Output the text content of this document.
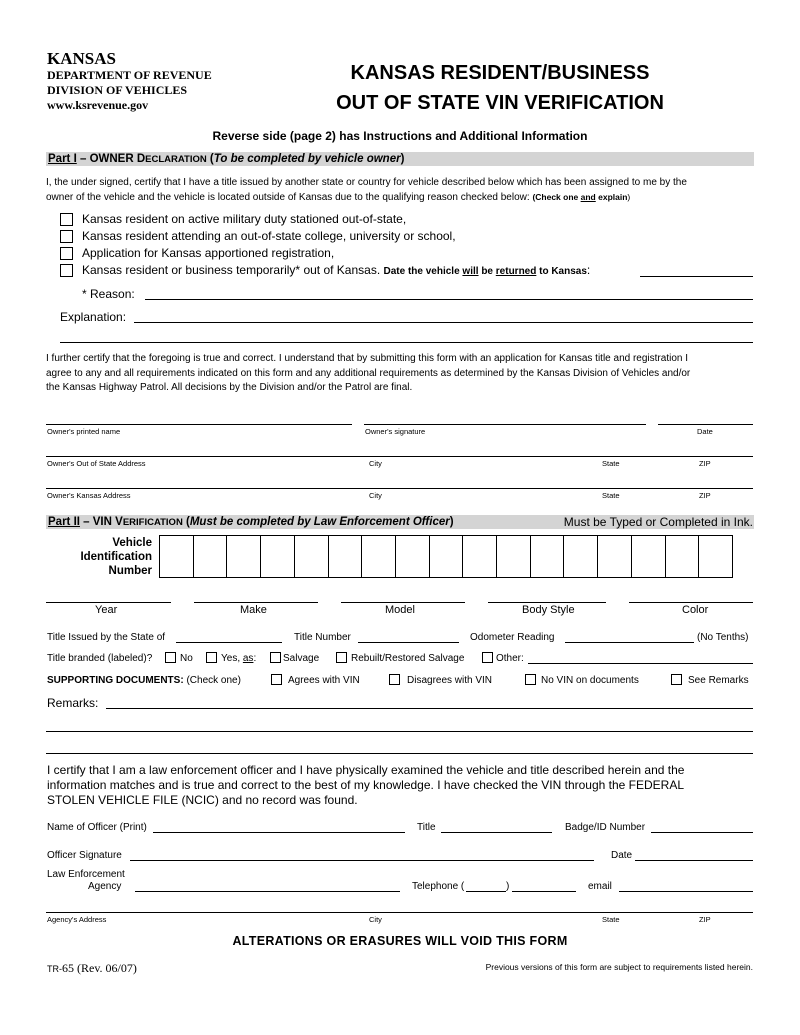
KANSAS
DEPARTMENT OF REVENUE
DIVISION OF VEHICLES
www.ksrevenue.gov
KANSAS RESIDENT/BUSINESS
OUT OF STATE VIN VERIFICATION
Reverse side (page 2) has Instructions and Additional Information
Part I – OWNER DECLARATION (To be completed by vehicle owner)
I, the under signed, certify that I have a title issued by another state or country for vehicle described below which has been assigned to me by the
owner of the vehicle and the vehicle is located outside of Kansas due to the qualifying reason checked below: (Check one and explain)
Kansas resident on active military duty stationed out-of-state,
Kansas resident attending an out-of-state college, university or school,
Application for Kansas apportioned registration,
Kansas resident or business temporarily* out of Kansas. Date the vehicle will be returned to Kansas:
* Reason:
Explanation:
I further certify that the foregoing is true and correct. I understand that by submitting this form with an application for Kansas title and registration I
agree to any and all requirements indicated on this form and any additional requirements as determined by the Kansas Division of Vehicles and/or
the Kansas Highway Patrol. All decisions by the Division and/or the Patrol are final.
Owner's printed name	Owner's signature	Date
Owner's Out of State Address	City	State	ZIP
Owner's Kansas Address	City	State	ZIP
Part II – VIN VERIFICATION (Must be completed by Law Enforcement Officer)	Must be Typed or Completed in Ink.
Vehicle
Identification
Number
Year	Make	Model	Body Style	Color
Title Issued by the State of	Title Number	Odometer Reading	(No Tenths)
Title branded (labeled)?	No	Yes, as:	Salvage	Rebuilt/Restored Salvage	Other:
SUPPORTING DOCUMENTS: (Check one)	Agrees with VIN	Disagrees with VIN	No VIN on documents	See Remarks
Remarks:
I certify that I am a law enforcement officer and I have physically examined the vehicle and title described herein and the
information matches and is true and correct to the best of my knowledge. I have checked the VIN through the FEDERAL
STOLEN VEHICLE FILE (NCIC) and no record was found.
Name of Officer (Print)	Title	Badge/ID Number
Officer Signature	Date
Law Enforcement
Agency	Telephone (	)	email
Agency's Address	City	State	ZIP
ALTERATIONS OR ERASURES WILL VOID THIS FORM
TR-65 (Rev. 06/07)	Previous versions of this form are subject to requirements listed herein.
